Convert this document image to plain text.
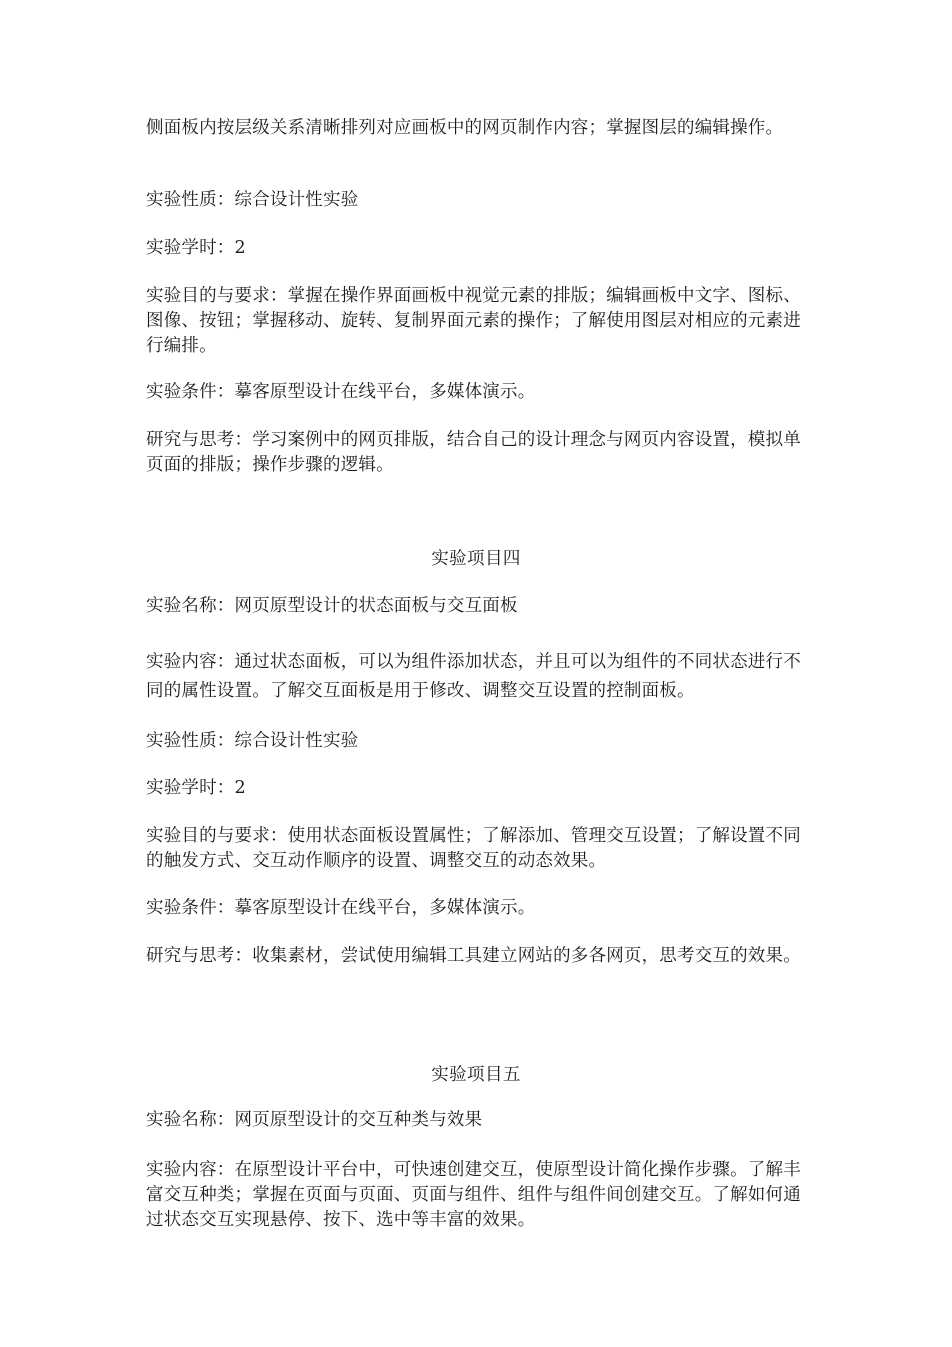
侧面板内按层级关系清晰排列对应画板中的网页制作内容；掌握图层的编辑操作。

实验性质：综合设计性实验

实验学时：2

实验目的与要求：掌握在操作界面画板中视觉元素的排版；编辑画板中文字、图标、图像、按钮；掌握移动、旋转、复制界面元素的操作；了解使用图层对相应的元素进行编排。

实验条件：摹客原型设计在线平台，多媒体演示。

研究与思考：学习案例中的网页排版，结合自己的设计理念与网页内容设置，模拟单页面的排版；操作步骤的逻辑。

实验项目四

实验名称：网页原型设计的状态面板与交互面板

实验内容：通过状态面板，可以为组件添加状态，并且可以为组件的不同状态进行不同的属性设置。了解交互面板是用于修改、调整交互设置的控制面板。

实验性质：综合设计性实验

实验学时：2

实验目的与要求：使用状态面板设置属性；了解添加、管理交互设置；了解设置不同的触发方式、交互动作顺序的设置、调整交互的动态效果。

实验条件：摹客原型设计在线平台，多媒体演示。

研究与思考：收集素材，尝试使用编辑工具建立网站的多各网页，思考交互的效果。

实验项目五

实验名称：网页原型设计的交互种类与效果

实验内容：在原型设计平台中，可快速创建交互，使原型设计简化操作步骤。了解丰富交互种类；掌握在页面与页面、页面与组件、组件与组件间创建交互。了解如何通过状态交互实现悬停、按下、选中等丰富的效果。
